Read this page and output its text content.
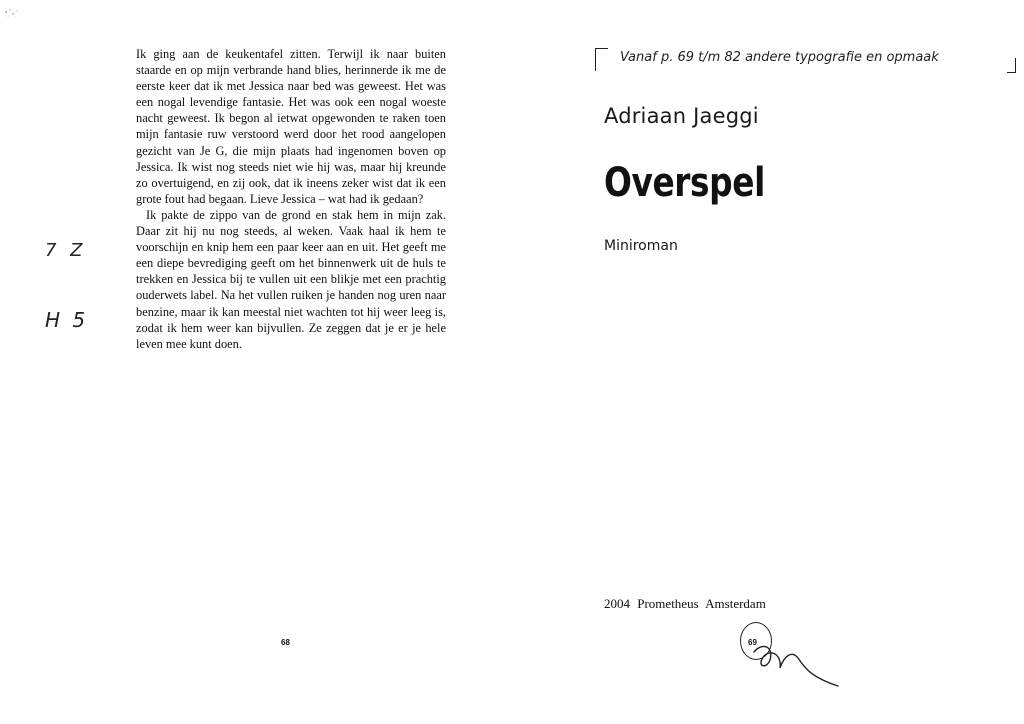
Ik ging aan de keukentafel zitten. Terwijl ik naar buiten staarde en op mijn verbrande hand blies, herinnerde ik me de eerste keer dat ik met Jessica naar bed was geweest. Het was een nogal levendige fantasie. Het was ook een nogal woeste nacht geweest. Ik begon al ietwat opgewonden te raken toen mijn fantasie ruw verstoord werd door het rood aangelopen gezicht van Je G, die mijn plaats had ingenomen boven op Jessica. Ik wist nog steeds niet wie hij was, maar hij kreunde zo overtuigend, en zij ook, dat ik ineens zeker wist dat ik een grote fout had begaan. Lieve Jessica – wat had ik gedaan?

Ik pakte de zippo van de grond en stak hem in mijn zak. Daar zit hij nu nog steeds, al weken. Vaak haal ik hem te voorschijn en knip hem een paar keer aan en uit. Het geeft me een diepe bevrediging geeft om het binnenwerk uit de huls te trekken en Jessica bij te vullen uit een blikje met een prachtig ouderwets label. Na het vullen ruiken je handen nog uren naar benzine, maar ik kan meestal niet wachten tot hij weer leeg is, zodat ik hem weer kan bijvullen. Ze zeggen dat je er je hele leven mee kunt doen.

7 Z
H 5
68
Vanaf p. 69 t/m 82 andere typografie en opmaak
Adriaan Jaeggi
Overspel
Miniroman
2004 Prometheus Amsterdam
69
